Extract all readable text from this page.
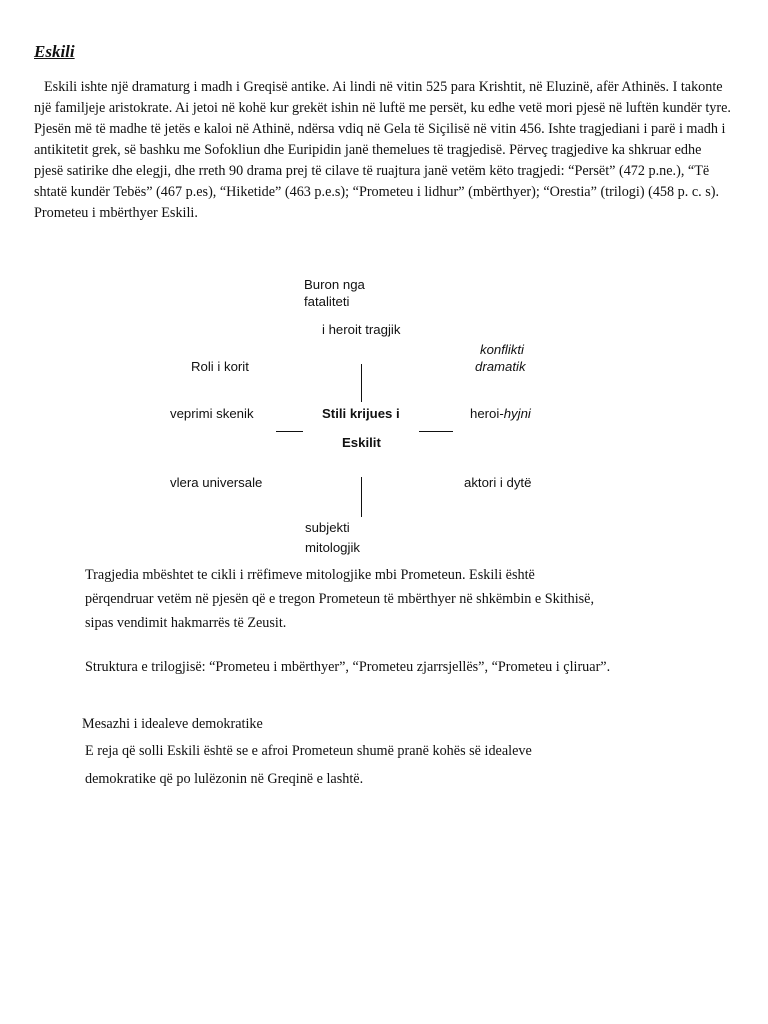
Eskili

Eskili ishte një dramaturg i madh i Greqisë antike. Ai lindi në vitin 525 para Krishtit, në Eluzinë, afër Athinës. I takonte një familjeje aristokrate. Ai jetoi në kohë kur grekët ishin në luftë me persët, ku edhe vetë mori pjesë në luftën kundër tyre. Pjesën më të madhe të jetës e kaloi në Athinë, ndërsa vdiq në Gela të Siçilisë në vitin 456. Ishte tragjediani i parë i madh i antikitetit grek, së bashku me Sofokliun dhe Euripidin janë themelues të tragjedisë. Përveç tragjedive ka shkruar edhe pjesë satirike dhe elegji, dhe rreth 90 drama prej të cilave të ruajtura janë vetëm këto tragjedi: “Persët” (472 p.ne.), “Të shtatë kundër Tebës” (467 p.es), “Hiketide” (463 p.e.s); “Prometeu i lidhur” (mbërthyer); “Orestia” (trilogi) (458 p. c. s). Prometeu i mbërthyer Eskili.

Buron nga
fataliteti
i heroit tragjik
Roli i korit
konflikti
dramatik
veprimi skenik	Stili krijues i	heroi-hyjni
Eskilit
vlera universale	aktori i dytë
subjekti
mitologjik
Tragjedia mbështet te cikli i rrëfimeve mitologjike mbi Prometeun. Eskili është
përqendruar vetëm në pjesën që e tregon Prometeun të mbërthyer në shkëmbin e Skithisë,
sipas vendimit hakmarrës të Zeusit.
Struktura e trilogjisë: “Prometeu i mbërthyer”, “Prometeu zjarrsjellës”, “Prometeu i çliruar”.
Mesazhi i idealeve demokratike
E reja që solli Eskili është se e afroi Prometeun shumë pranë kohës së idealeve
demokratike që po lulëzonin në Greqinë e lashtë.
